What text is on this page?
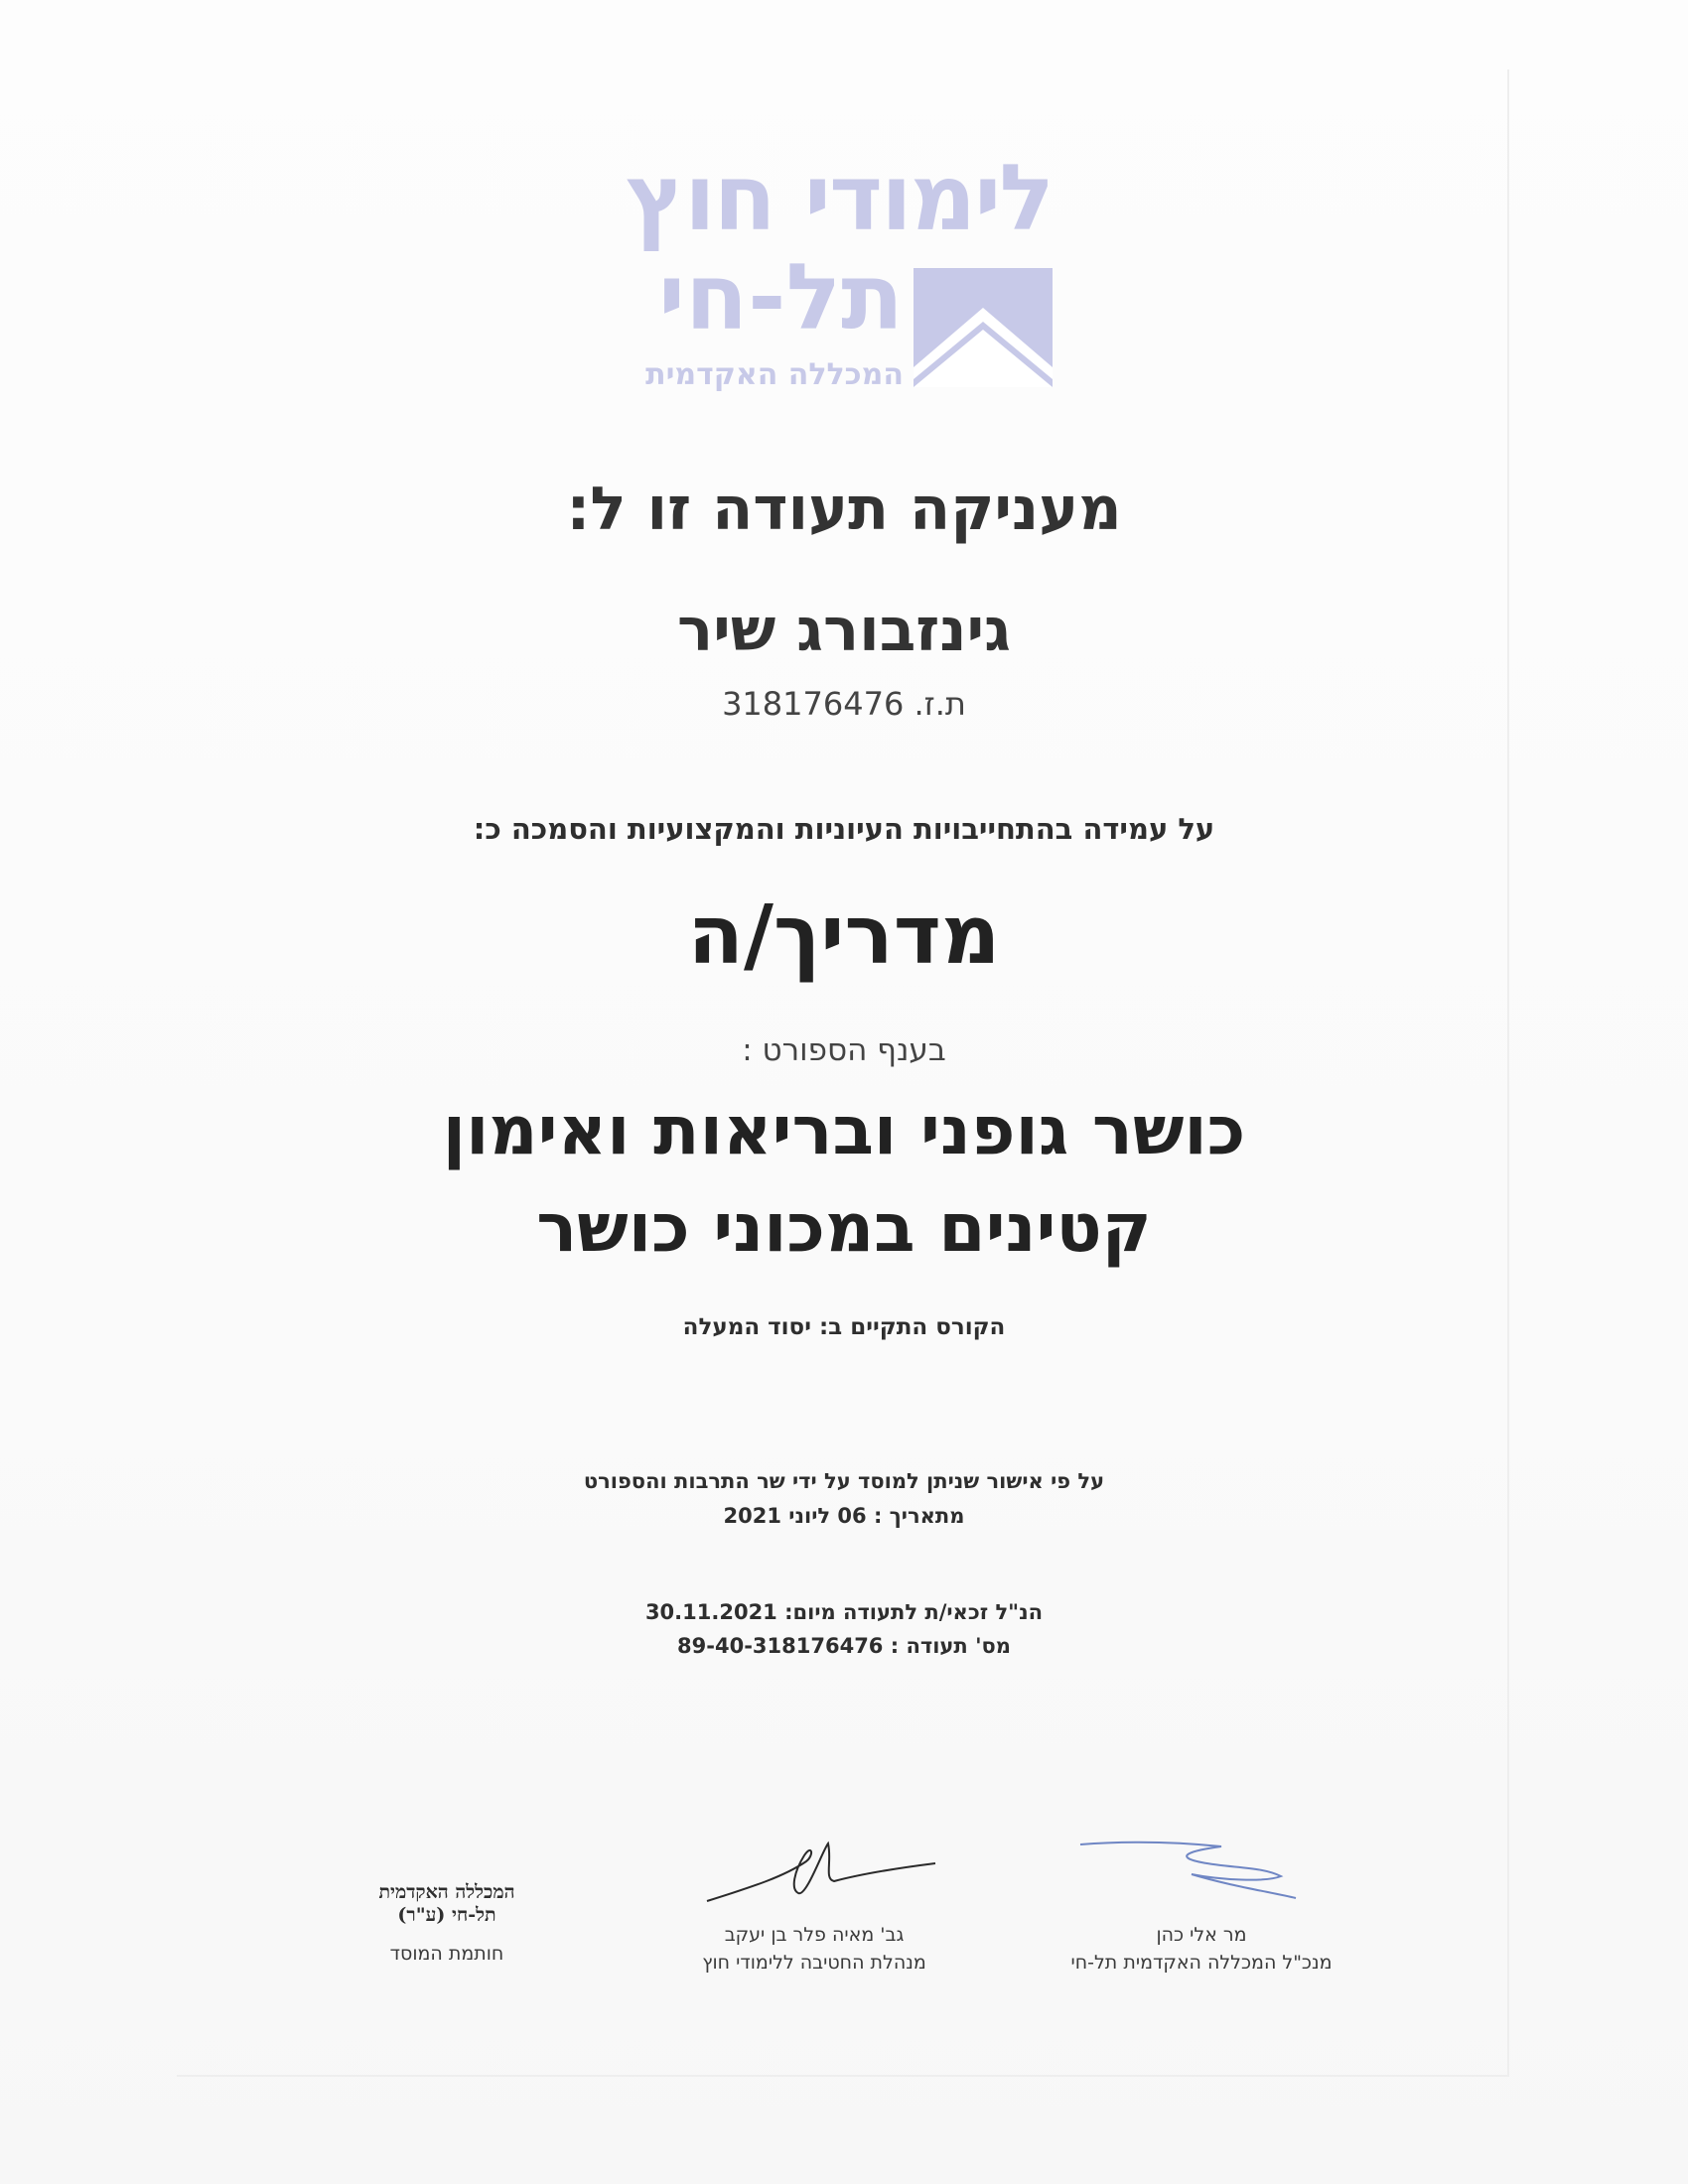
לימודי חוץ
תל-חי
המכללה האקדמית
מעניקה תעודה זו ל:
גינזבורג שיר
ת.ז. 318176476
על עמידה בהתחייבויות העיוניות והמקצועיות והסמכה כ:
מדריך/ה
בענף הספורט :
כושר גופני ובריאות ואימון
קטינים במכוני כושר
הקורס התקיים ב: יסוד המעלה
על פי אישור שניתן למוסד על ידי שר התרבות והספורט
מתאריך : 06 ליוני 2021
הנ"ל זכאי/ת לתעודה מיום: 30.11.2021
מס' תעודה : 89-40-318176476
המכללה האקדמית
תל-חי (ע"ר)
חותמת המוסד
גב' מאיה פלר בן יעקב
מנהלת החטיבה ללימודי חוץ
מר אלי כהן
מנכ"ל המכללה האקדמית תל-חי
